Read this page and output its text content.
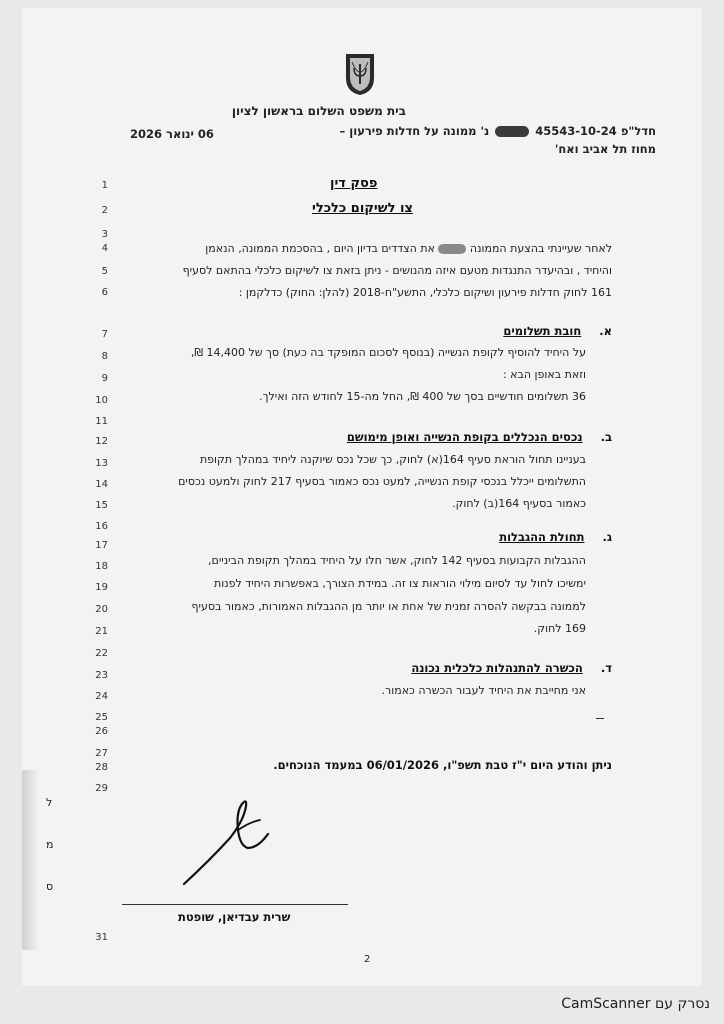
ל
מ
ס
בית משפט השלום בראשון לציון
חדל"פ 45543-10-24  נ' ממונה על חדלות פירעון –
מחוז תל אביב ואח'
06 ינואר 2026
1
2
3
4
5
6
7
8
9
10
11
12
13
14
15
16
17
18
19
20
21
22
23
24
25
26
27
28
29
31
פסק דין
צו לשיקום כלכלי
לאחר שעיינתי בהצעת הממונה  את הצדדים בדיון היום , בהסכמת הממונה, הנאמן
והיחיד , ובהיעדר התנגדות מטעם איזה מהנושים - ניתן בזאת צו לשיקום כלכלי בהתאם לסעיף
161 לחוק חדלות פירעון ושיקום כלכלי, התשע"ח-2018 (להלן: החוק) כדלקמן :
א. חובת תשלומים
על היחיד להוסיף לקופת הנשייה (בנוסף לסכום המופקד בה כעת) סך של 14,400 ₪,
וזאת באופן הבא :
36 תשלומים חודשיים בסך של 400 ₪, החל מה-15 לחודש הזה ואילך.
ב. נכסים הנכללים בקופת הנשייה ואופן מימושם
בעניינו תחול הוראת סעיף 164(א) לחוק, כך שכל נכס שיוקנה ליחיד במהלך תקופת
התשלומים ייכלל בנכסי קופת הנשייה, למעט נכס כאמור בסעיף 217 לחוק ולמעט נכסים
כאמור בסעיף 164(ב) לחוק.
ג. תחולת ההגבלות
ההגבלות הקבועות בסעיף 142 לחוק, אשר חלו על היחיד במהלך תקופת הביניים,
ימשיכו לחול עד לסיום מילוי הוראות צו זה. במידת הצורך, באפשרות היחיד לפנות
לממונה בבקשה להסרה זמנית של אחת או יותר מן ההגבלות האמורות, כאמור בסעיף
169 לחוק.
ד. הכשרה להתנהלות כלכלית נכונה
אני מחייבת את היחיד לעבור הכשרה כאמור.
ניתן והודע היום י"ז טבת תשפ"ו, 06/01/2026 במעמד הנוכחים.
שרית עבדיאן, שופטת
2
נסרק עם CamScanner
